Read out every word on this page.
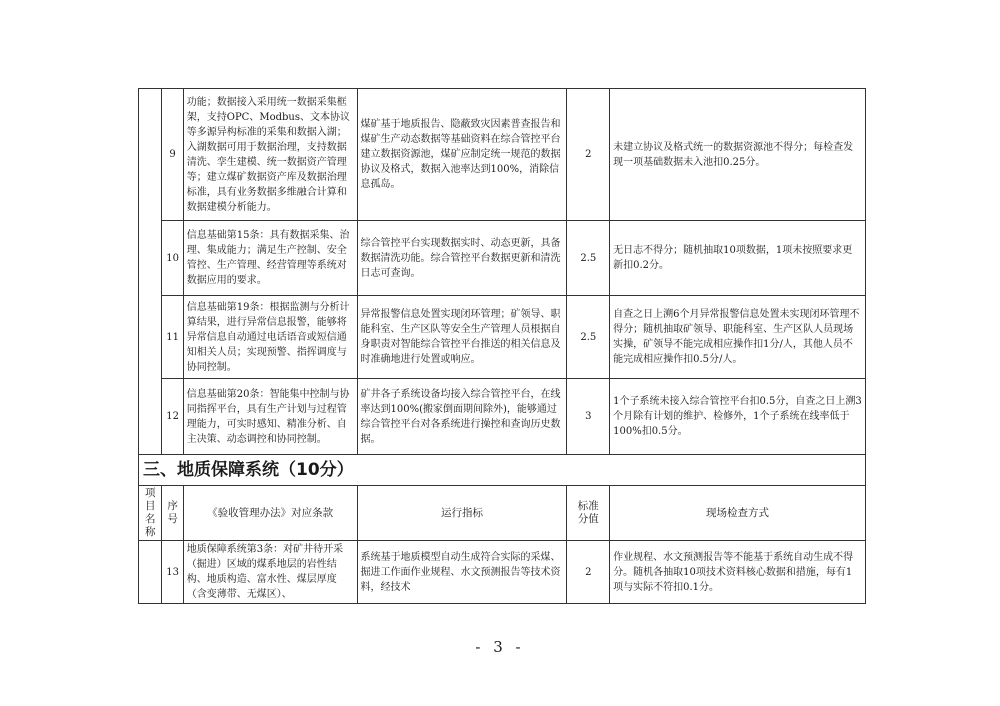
	9	功能；数据接入采用统一数据采集框架，支持OPC、Modbus、文本协议等多源异构标准的采集和数据入湖；入湖数据可用于数据治理，支持数据清洗、孪生建模、统一数据资产管理等；建立煤矿数据资产库及数据治理标准，具有业务数据多维融合计算和数据建模分析能力。	煤矿基于地质报告、隐蔽致灾因素普查报告和煤矿生产动态数据等基础资料在综合管控平台建立数据资源池，煤矿应制定统一规范的数据协议及格式，数据入池率达到100%，消除信息孤岛。	2	未建立协议及格式统一的数据资源池不得分；每检查发现一项基础数据未入池扣0.25分。
	10	信息基础第15条：具有数据采集、治理、集成能力；满足生产控制、安全管控、生产管理、经营管理等系统对数据应用的要求。	综合管控平台实现数据实时、动态更新，具备数据清洗功能。综合管控平台数据更新和清洗日志可查询。	2.5	无日志不得分；随机抽取10项数据，1项未按照要求更新扣0.2分。
	11	信息基础第19条：根据监测与分析计算结果，进行异常信息报警，能够将异常信息自动通过电话语音或短信通知相关人员；实现预警、指挥调度与协同控制。	异常报警信息处置实现闭环管理；矿领导、职能科室、生产区队等安全生产管理人员根据自身职责对智能综合管控平台推送的相关信息及时准确地进行处置或响应。	2.5	自查之日上溯6个月异常报警信息处置未实现闭环管理不得分；随机抽取矿领导、职能科室、生产区队人员现场实操，矿领导不能完成相应操作扣1分/人，其他人员不能完成相应操作扣0.5分/人。
	12	信息基础第20条：智能集中控制与协同指挥平台，具有生产计划与过程管理能力，可实时感知、精准分析、自主决策、动态调控和协同控制。	矿井各子系统设备均接入综合管控平台，在线率达到100%(搬家倒面期间除外)，能够通过综合管控平台对各系统进行操控和查询历史数据。	3	1个子系统未接入综合管控平台扣0.5分，自查之日上溯3个月除有计划的维护、检修外，1个子系统在线率低于100%扣0.5分。
三、地质保障系统（10分）					

项目名称	序号	《验收管理办法》对应条款	运行指标	标准分值	现场检查方式
	13	地质保障系统第3条：对矿井待开采（掘进）区域的煤系地层的岩性结构、地质构造、富水性、煤层厚度（含变薄带、无煤区）、	系统基于地质模型自动生成符合实际的采煤、掘进工作面作业规程、水文预测报告等技术资料，经技术	2	作业规程、水文预测报告等不能基于系统自动生成不得分。随机各抽取10项技术资料核心数据和措施，每有1项与实际不符扣0.1分。
- 3 -
